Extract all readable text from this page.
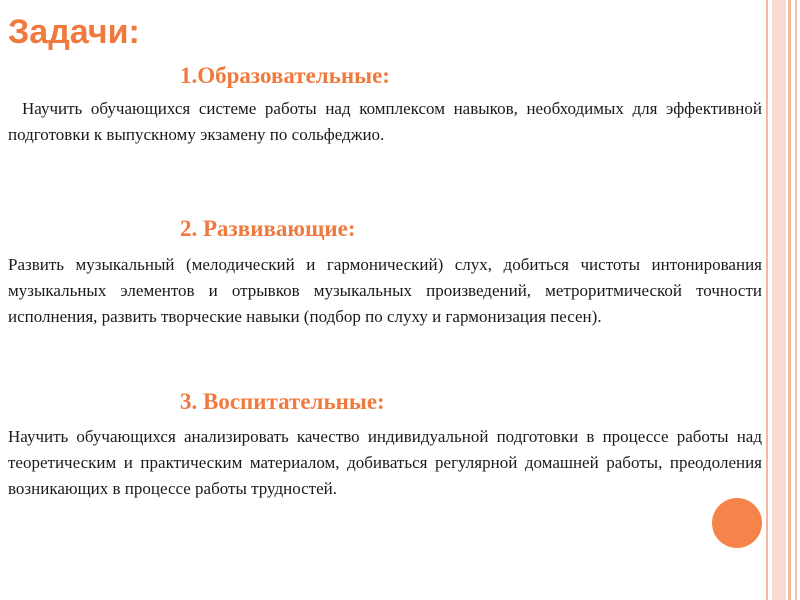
Задачи:
1.Образовательные:

Научить обучающихся системе работы над комплексом навыков, необходимых для эффективной подготовки к выпускному экзамену по сольфеджио.

2. Развивающие:

Развить музыкальный (мелодический и гармонический) слух, добиться чистоты интонирования музыкальных элементов и отрывков музыкальных произведений, метроритмической точности исполнения, развить творческие навыки (подбор по слуху и гармонизация песен).

3. Воспитательные:

Научить обучающихся анализировать качество индивидуальной подготовки в процессе работы над теоретическим и практическим материалом, добиваться регулярной домашней работы, преодоления возникающих в процессе работы трудностей.
